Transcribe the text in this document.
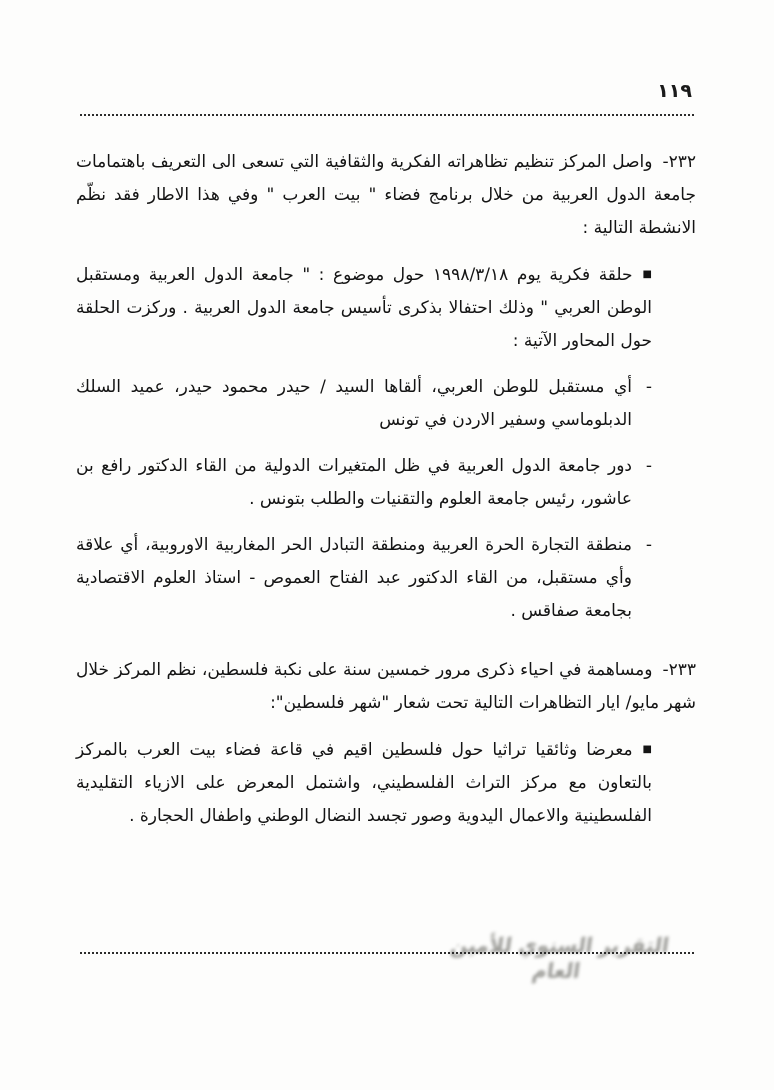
١١٩
٢٣٢-واصل المركز تنظيم تظاهراته الفكرية والثقافية التي تسعى الى التعريف باهتمامات جامعة الدول العربية من خلال برنامج فضاء " بيت العرب " وفي هذا الاطار فقد نظّم الانشطة التالية :
■حلقة فكرية يوم ١٩٩٨/٣/١٨ حول موضوع : " جامعة الدول العربية ومستقبل الوطن العربي " وذلك احتفالا بذكرى تأسيس جامعة الدول العربية . وركزت الحلقة حول المحاور الآتية :
-
أي مستقبل للوطن العربي، ألقاها السيد / حيدر محمود حيدر، عميد السلك الدبلوماسي وسفير الاردن في تونس
-
دور جامعة الدول العربية في ظل المتغيرات الدولية من القاء الدكتور رافع بن عاشور، رئيس جامعة العلوم والتقنيات والطلب بتونس .
-
منطقة التجارة الحرة العربية ومنطقة التبادل الحر المغاربية الاوروبية، أي علاقة وأي مستقبل، من القاء الدكتور عبد الفتاح العموص - استاذ العلوم الاقتصادية بجامعة صفاقس .
٢٣٣-ومساهمة في احياء ذكرى مرور خمسين سنة على نكبة فلسطين، نظم المركز خلال شهر مايو/ ايار التظاهرات التالية تحت شعار "شهر فلسطين":
■معرضا وثائقيا تراثيا حول فلسطين اقيم في قاعة فضاء بيت العرب بالمركز بالتعاون مع مركز التراث الفلسطيني، واشتمل المعرض على الازياء التقليدية الفلسطينية والاعمال اليدوية وصور تجسد النضال الوطني واطفال الحجارة .
التقرير السنوي للأمين العام
